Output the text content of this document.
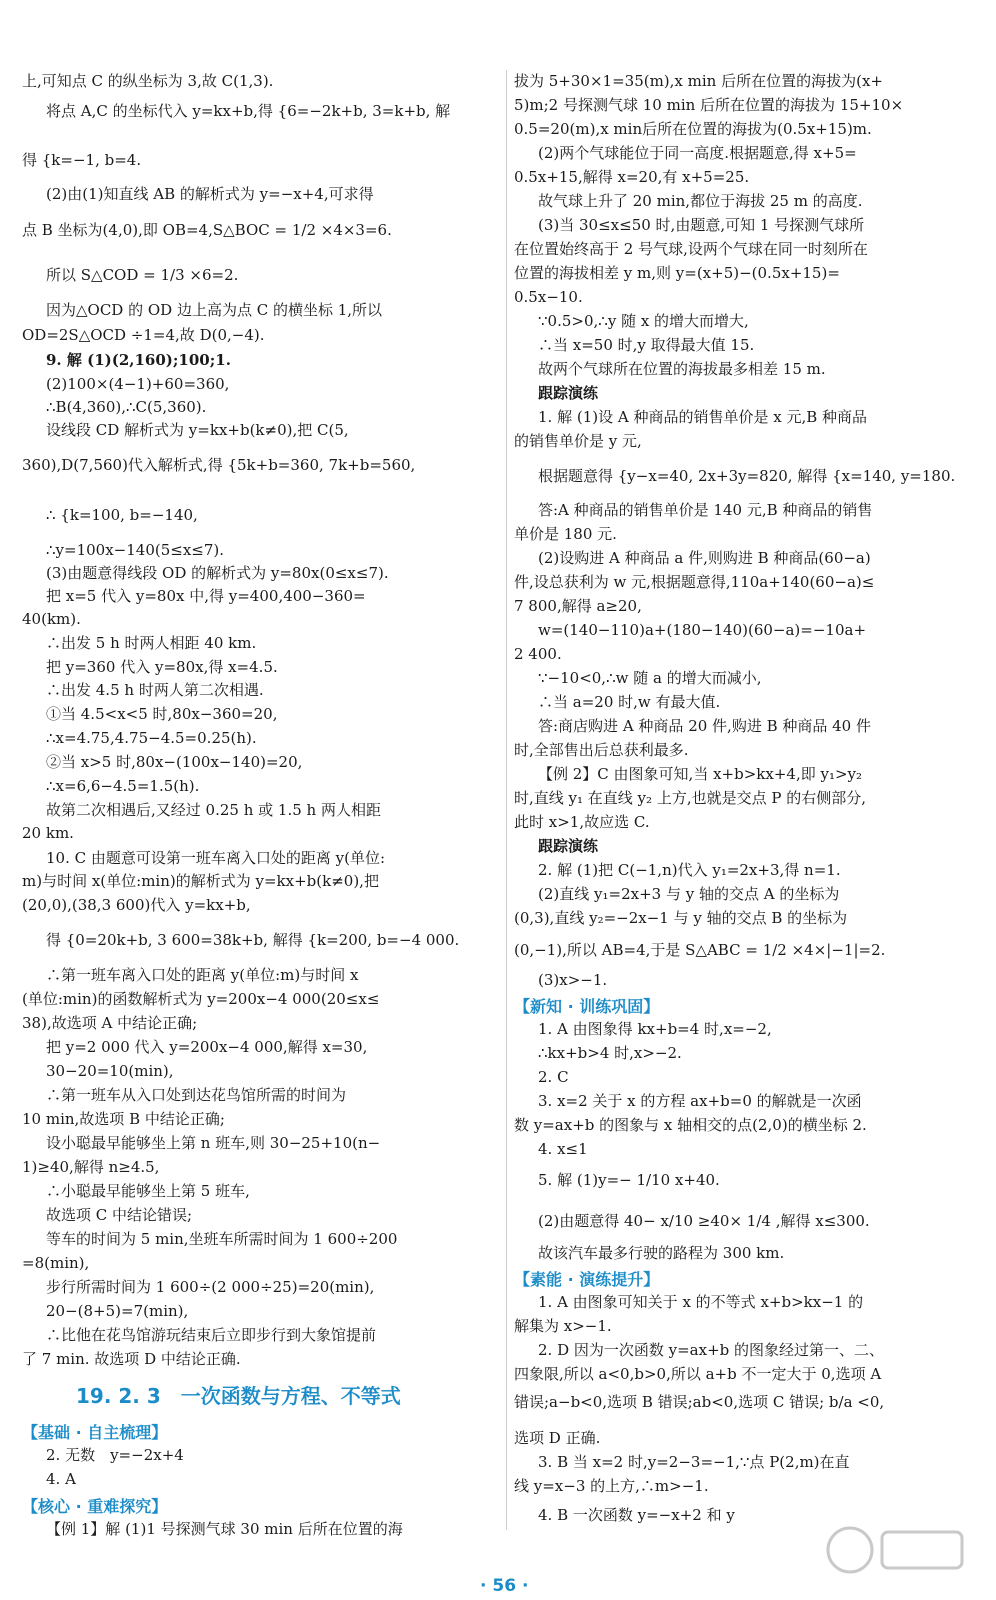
上,可知点 C 的纵坐标为 3,故 C(1,3).
将点 A,C 的坐标代入 y=kx+b,得 {6=−2k+b, 3=k+b, 解
得 {k=−1, b=4.
(2)由(1)知直线 AB 的解析式为 y=−x+4,可求得
点 B 坐标为(4,0),即 OB=4,S△BOC = 1/2 ×4×3=6.
所以 S△COD = 1/3 ×6=2.
因为△OCD 的 OD 边上高为点 C 的横坐标 1,所以
OD=2S△OCD ÷1=4,故 D(0,−4).
9. 解 (1)(2,160);100;1.
(2)100×(4−1)+60=360,
∴B(4,360),∴C(5,360).
设线段 CD 解析式为 y=kx+b(k≠0),把 C(5,
360),D(7,560)代入解析式,得 {5k+b=360, 7k+b=560,
∴ {k=100, b=−140,
∴y=100x−140(5≤x≤7).
(3)由题意得线段 OD 的解析式为 y=80x(0≤x≤7).
把 x=5 代入 y=80x 中,得 y=400,400−360=
40(km).
∴出发 5 h 时两人相距 40 km.
把 y=360 代入 y=80x,得 x=4.5.
∴出发 4.5 h 时两人第二次相遇.
①当 4.5<x<5 时,80x−360=20,
∴x=4.75,4.75−4.5=0.25(h).
②当 x>5 时,80x−(100x−140)=20,
∴x=6,6−4.5=1.5(h).
故第二次相遇后,又经过 0.25 h 或 1.5 h 两人相距
20 km.
10. C 由题意可设第一班车离入口处的距离 y(单位:
m)与时间 x(单位:min)的解析式为 y=kx+b(k≠0),把
(20,0),(38,3 600)代入 y=kx+b,
得 {0=20k+b, 3 600=38k+b, 解得 {k=200, b=−4 000.
∴第一班车离入口处的距离 y(单位:m)与时间 x
(单位:min)的函数解析式为 y=200x−4 000(20≤x≤
38),故选项 A 中结论正确;
把 y=2 000 代入 y=200x−4 000,解得 x=30,
30−20=10(min),
∴第一班车从入口处到达花鸟馆所需的时间为
10 min,故选项 B 中结论正确;
设小聪最早能够坐上第 n 班车,则 30−25+10(n−
1)≥40,解得 n≥4.5,
∴小聪最早能够坐上第 5 班车,
故选项 C 中结论错误;
等车的时间为 5 min,坐班车所需时间为 1 600÷200
=8(min),
步行所需时间为 1 600÷(2 000÷25)=20(min),
20−(8+5)=7(min),
∴比他在花鸟馆游玩结束后立即步行到大象馆提前
了 7 min. 故选项 D 中结论正确.
19. 2. 3　一次函数与方程、不等式
【基础 · 自主梳理】
2. 无数　y=−2x+4
4. A
【核心 · 重难探究】
【例 1】解 (1)1 号探测气球 30 min 后所在位置的海
拔为 5+30×1=35(m),x min 后所在位置的海拔为(x+
5)m;2 号探测气球 10 min 后所在位置的海拔为 15+10×
0.5=20(m),x min后所在位置的海拔为(0.5x+15)m.
(2)两个气球能位于同一高度.根据题意,得 x+5=
0.5x+15,解得 x=20,有 x+5=25.
故气球上升了 20 min,都位于海拔 25 m 的高度.
(3)当 30≤x≤50 时,由题意,可知 1 号探测气球所
在位置始终高于 2 号气球,设两个气球在同一时刻所在
位置的海拔相差 y m,则 y=(x+5)−(0.5x+15)=
0.5x−10.
∵0.5>0,∴y 随 x 的增大而增大,
∴当 x=50 时,y 取得最大值 15.
故两个气球所在位置的海拔最多相差 15 m.
跟踪演练
1. 解 (1)设 A 种商品的销售单价是 x 元,B 种商品
的销售单价是 y 元,
根据题意得 {y−x=40, 2x+3y=820, 解得 {x=140, y=180.
答:A 种商品的销售单价是 140 元,B 种商品的销售
单价是 180 元.
(2)设购进 A 种商品 a 件,则购进 B 种商品(60−a)
件,设总获利为 w 元,根据题意得,110a+140(60−a)≤
7 800,解得 a≥20,
w=(140−110)a+(180−140)(60−a)=−10a+
2 400.
∵−10<0,∴w 随 a 的增大而减小,
∴当 a=20 时,w 有最大值.
答:商店购进 A 种商品 20 件,购进 B 种商品 40 件
时,全部售出后总获利最多.
【例 2】C 由图象可知,当 x+b>kx+4,即 y₁>y₂
时,直线 y₁ 在直线 y₂ 上方,也就是交点 P 的右侧部分,
此时 x>1,故应选 C.
跟踪演练
2. 解 (1)把 C(−1,n)代入 y₁=2x+3,得 n=1.
(2)直线 y₁=2x+3 与 y 轴的交点 A 的坐标为
(0,3),直线 y₂=−2x−1 与 y 轴的交点 B 的坐标为
(0,−1),所以 AB=4,于是 S△ABC = 1/2 ×4×|−1|=2.
(3)x>−1.
【新知 · 训练巩固】
1. A 由图象得 kx+b=4 时,x=−2,
∴kx+b>4 时,x>−2.
2. C
3. x=2 关于 x 的方程 ax+b=0 的解就是一次函
数 y=ax+b 的图象与 x 轴相交的点(2,0)的横坐标 2.
4. x≤1
5. 解 (1)y=− 1/10 x+40.
(2)由题意得 40− x/10 ≥40× 1/4 ,解得 x≤300.
故该汽车最多行驶的路程为 300 km.
【素能 · 演练提升】
1. A 由图象可知关于 x 的不等式 x+b>kx−1 的
解集为 x>−1.
2. D 因为一次函数 y=ax+b 的图象经过第一、二、
四象限,所以 a<0,b>0,所以 a+b 不一定大于 0,选项 A
错误;a−b<0,选项 B 错误;ab<0,选项 C 错误; b/a <0,
选项 D 正确.
3. B 当 x=2 时,y=2−3=−1,∵点 P(2,m)在直
线 y=x−3 的上方,∴m>−1.
4. B 一次函数 y=−x+2 和 y
· 56 ·
